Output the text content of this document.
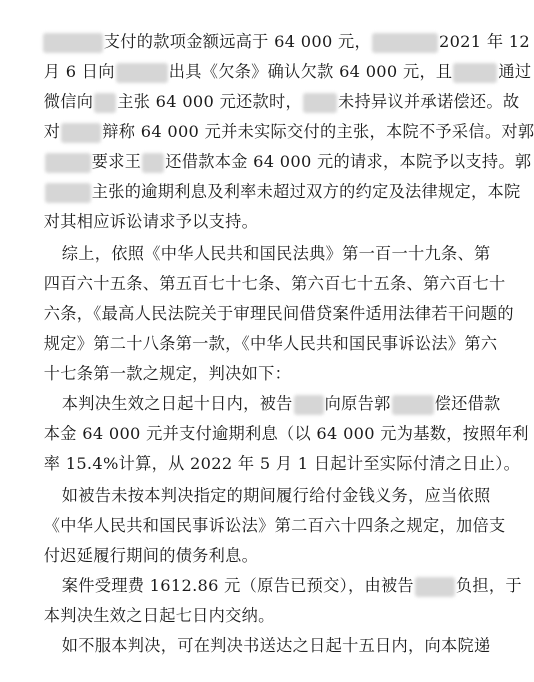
支付的款项金额远高于 64 000 元，	2021 年 12

月 6 日向	出具《欠条》确认欠款 64 000 元，且	通过

微信向 主张 64 000 元还款时， 未持异议并承诺偿还。故

对	辩称 64 000 元并未实际交付的主张，本院不予采信。对郭

要求王 还借款本金 64 000 元的请求，本院予以支持。郭

主张的逾期利息及利率未超过双方的约定及法律规定，本院

对其相应诉讼请求予以支持。

综上，依照《中华人民共和国民法典》第一百一十九条、第

四百六十五条、第五百七十七条、第六百七十五条、第六百七十

六条，《最高人民法院关于审理民间借贷案件适用法律若干问题的

规定》第二十八条第一款，《中华人民共和国民事诉讼法》第六

十七条第一款之规定，判决如下：

本判决生效之日起十日内，被告 向原告郭	偿还借款

本金 64 000 元并支付逾期利息（以 64 000 元为基数，按照年利

率 15.4%计算，从 2022 年 5 月 1 日起计至实际付清之日止）。

如被告未按本判决指定的期间履行给付金钱义务，应当依照

《中华人民共和国民事诉讼法》第二百六十四条之规定，加倍支

付迟延履行期间的债务利息。

案件受理费 1612.86 元（原告已预交），由被告	负担，于

本判决生效之日起七日内交纳。

如不服本判决，可在判决书送达之日起十五日内，向本院递
